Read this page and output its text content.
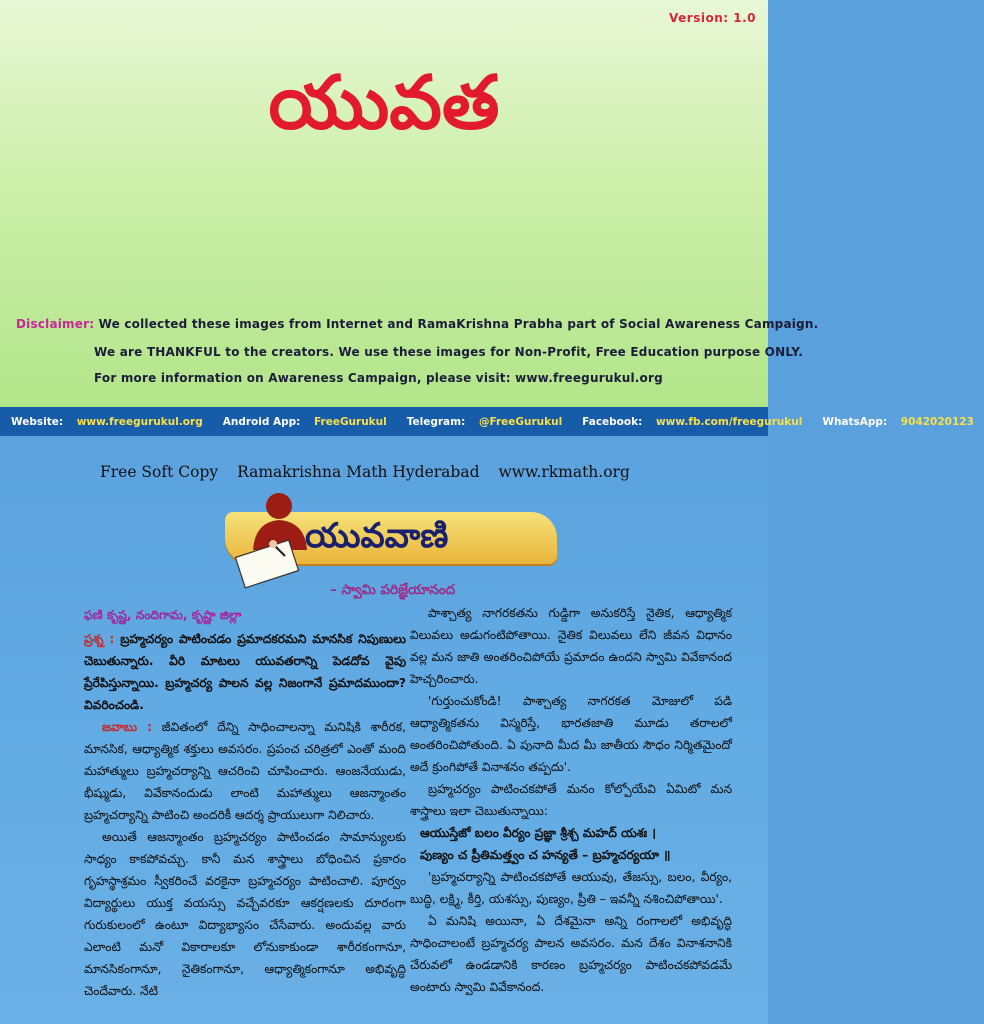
Version: 1.0
యువత
Disclaimer: We collected these images from Internet and RamaKrishna Prabha part of Social Awareness Campaign.
We are THANKFUL to the creators. We use these images for Non-Profit, Free Education purpose ONLY.
For more information on Awareness Campaign, please visit: www.freegurukul.org
Website: www.freegurukul.org	Android App: FreeGurukul	Telegram: @FreeGurukul	Facebook: www.fb.com/freegurukul	WhatsApp: 9042020123
Free Soft Copy Ramakrishna Math Hyderabad www.rkmath.org
యువవాణి
– స్వామి పరిజ్ఞేయానంద

ఫణి కృష్ణ, నందిగామ, కృష్ణా జిల్లా

ప్రశ్న : బ్రహ్మచర్యం పాటించడం ప్రమాదకరమని మానసిక నిపుణులు చెబుతున్నారు. వీరి మాటలు యువతరాన్ని పెడదోవ వైపు ప్రేరేపిస్తున్నాయి. బ్రహ్మచర్య పాలన వల్ల నిజంగానే ప్రమాదముందా? వివరించండి.

జవాబు : జీవితంలో దేన్ని సాధించాలన్నా మనిషికి శారీరక, మానసిక, ఆధ్యాత్మిక శక్తులు అవసరం. ప్రపంచ చరిత్రలో ఎంతో మంది మహాత్ములు బ్రహ్మచర్యాన్ని ఆచరించి చూపించారు. ఆంజనేయుడు, భీష్ముడు, వివేకానందుడు లాంటి మహాత్ములు ఆజన్మాంతం బ్రహ్మచర్యాన్ని పాటించి అందరికీ ఆదర్శ ప్రాయులుగా నిలిచారు.

అయితే ఆజన్మాంతం బ్రహ్మచర్యం పాటించడం సామాన్యులకు సాధ్యం కాకపోవచ్చు. కానీ మన శాస్త్రాలు బోధించిన ప్రకారం గృహస్థాశ్రమం స్వీకరించే వరకైనా బ్రహ్మచర్యం పాటించాలి. పూర్వం విద్యార్థులు యుక్త వయస్సు వచ్చేవరకూ ఆకర్షణలకు దూరంగా గురుకులంలో ఉంటూ విద్యాభ్యాసం చేసేవారు. అందువల్ల వారు ఎలాంటి మనో వికారాలకూ లోనుకాకుండా శారీరకంగానూ, మానసికంగానూ, నైతికంగానూ, ఆధ్యాత్మికంగానూ అభివృద్ధి చెందేవారు. నేటి

పాశ్చాత్య నాగరకతను గుడ్డిగా అనుకరిస్తే నైతిక, ఆధ్యాత్మిక విలువలు అడుగంటిపోతాయి. నైతిక విలువలు లేని జీవన విధానం వల్ల మన జాతి అంతరించిపోయే ప్రమాదం ఉందని స్వామి వివేకానంద హెచ్చరించారు.

'గుర్తుంచుకోండి! పాశ్చాత్య నాగరకత మోజులో పడి ఆధ్యాత్మికతను విస్మరిస్తే, భారతజాతి మూడు తరాలలో అంతరించిపోతుంది. ఏ పునాది మీద మీ జాతీయ సౌధం నిర్మితమైందో అదే క్రుంగిపోతే వినాశనం తప్పదు'.

బ్రహ్మచర్యం పాటించకపోతే మనం కోల్పోయేవి ఏమిటో మన శాస్త్రాలు ఇలా చెబుతున్నాయి:

ఆయుస్తేజో బలం వీర్యం ప్రజ్ఞా శ్రీశ్చ మహద్ యశః ।

పుణ్యం చ ప్రీతిమత్త్వం చ హన్యతే – బ్రహ్మచర్యయా ॥

'బ్రహ్మచర్యాన్ని పాటించకపోతే ఆయువు, తేజస్సు, బలం, వీర్యం, బుద్ధి, లక్ష్మి, కీర్తి, యశస్సు, పుణ్యం, ప్రీతి – ఇవన్నీ నశించిపోతాయి'.

ఏ మనిషి అయినా, ఏ దేశమైనా అన్ని రంగాలలో అభివృద్ధి సాధించాలంటే బ్రహ్మచర్య పాలన అవసరం. మన దేశం వినాశనానికి చేరువలో ఉండడానికి కారణం బ్రహ్మచర్యం పాటించకపోవడమే అంటారు స్వామి వివేకానంద.
